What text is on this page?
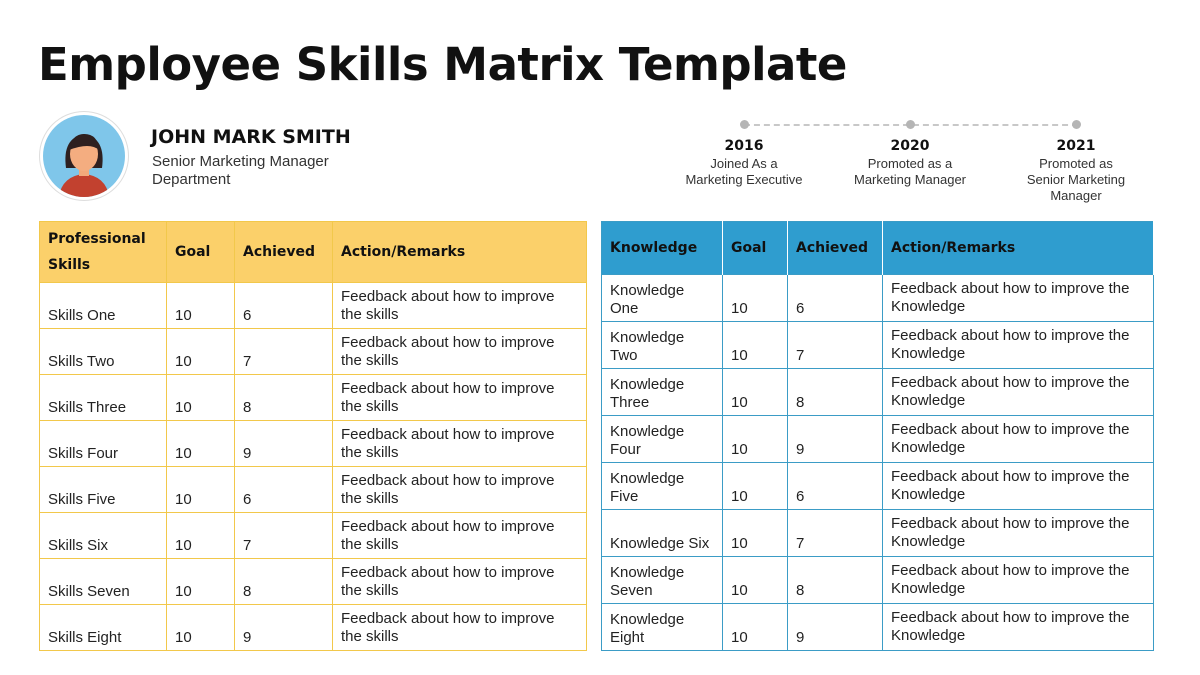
Employee Skills Matrix Template
JOHN MARK SMITH
Senior Marketing Manager
Department
2016
Joined As a
Marketing Executive
2020
Promoted as a
Marketing Manager
2021
Promoted as
Senior Marketing
Manager
Professional Skills	Goal	Achieved	Action/Remarks
Skills One	10	6	Feedback about how to improve the skills
Skills Two	10	7	Feedback about how to improve the skills
Skills Three	10	8	Feedback about how to improve the skills
Skills Four	10	9	Feedback about how to improve the skills
Skills Five	10	6	Feedback about how to improve the skills
Skills Six	10	7	Feedback about how to improve the skills
Skills Seven	10	8	Feedback about how to improve the skills
Skills Eight	10	9	Feedback about how to improve the skills
Knowledge	Goal	Achieved	Action/Remarks
Knowledge One	10	6	Feedback about how to improve the Knowledge
Knowledge Two	10	7	Feedback about how to improve the Knowledge
Knowledge Three	10	8	Feedback about how to improve the Knowledge
Knowledge Four	10	9	Feedback about how to improve the Knowledge
Knowledge Five	10	6	Feedback about how to improve the Knowledge
Knowledge Six	10	7	Feedback about how to improve the Knowledge
Knowledge Seven	10	8	Feedback about how to improve the Knowledge
Knowledge Eight	10	9	Feedback about how to improve the Knowledge
